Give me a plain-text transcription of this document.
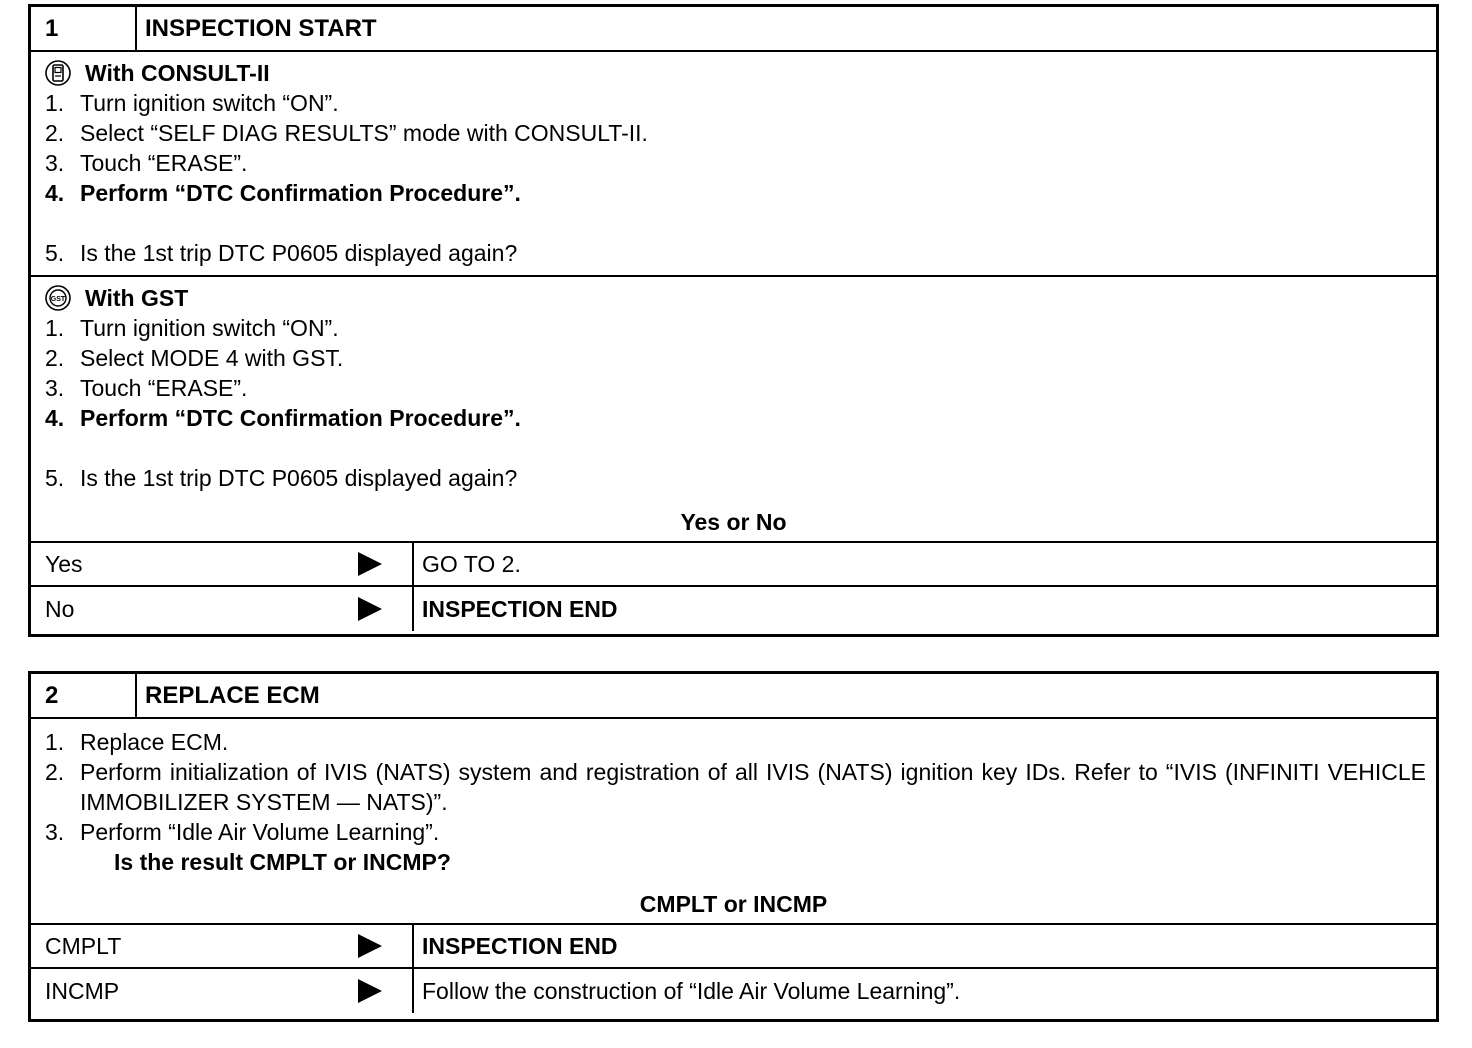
1	INSPECTION START
With CONSULT-II
1. Turn ignition switch “ON”.
2. Select “SELF DIAG RESULTS” mode with CONSULT-II.
3. Touch “ERASE”.
4. Perform “DTC Confirmation Procedure”.
5. Is the 1st trip DTC P0605 displayed again?
GST With GST
1. Turn ignition switch “ON”.
2. Select MODE 4 with GST.
3. Touch “ERASE”.
4. Perform “DTC Confirmation Procedure”.
5. Is the 1st trip DTC P0605 displayed again?
Yes or No
Yes	GO TO 2.
No	INSPECTION END
2	REPLACE ECM
1. Replace ECM.
2. Perform initialization of IVIS (NATS) system and registration of all IVIS (NATS) ignition key IDs. Refer to “IVIS (INFINITI VEHICLE IMMOBILIZER SYSTEM — NATS)”.
3. Perform “Idle Air Volume Learning”.
Is the result CMPLT or INCMP?
CMPLT or INCMP
CMPLT	INSPECTION END
INCMP	Follow the construction of “Idle Air Volume Learning”.
